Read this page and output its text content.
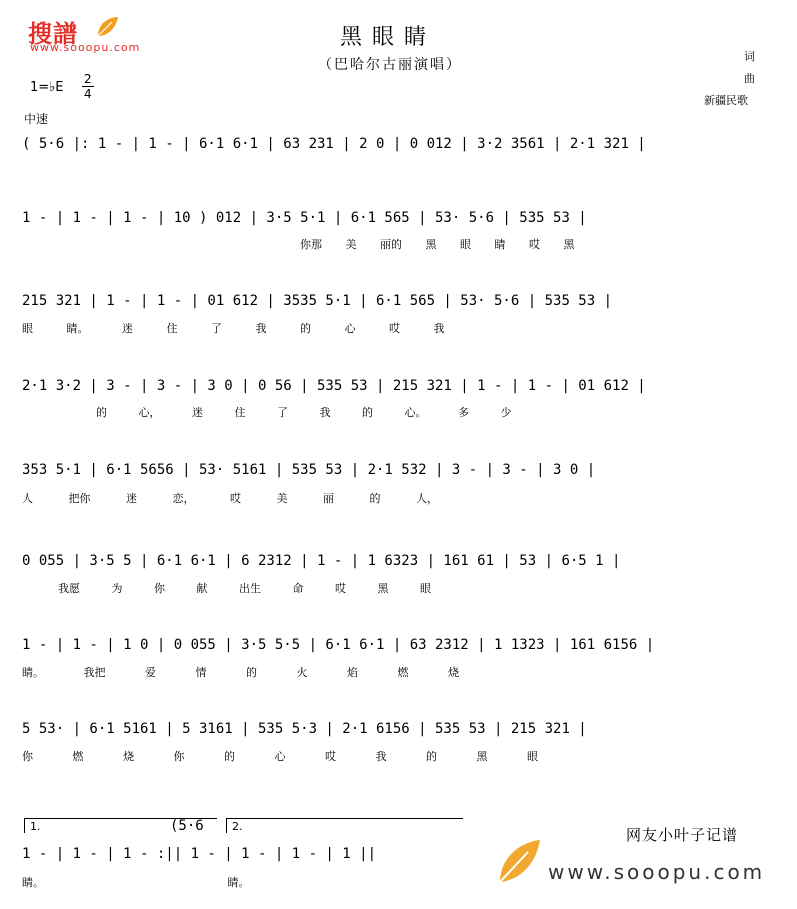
搜譜
www.sooopu.com	黑眼睛
（巴哈尔古丽演唱）
词
曲
新疆民歌
1=♭E
2
4
中速
( 5·6 |: 1 - | 1 - | 6·1 6·1 | 63 231 | 2 0 | 0 012 | 3·2 3561 | 2·1 321 |
1 - | 1 - | 1 - | 10 ) 012 | 3·5 5·1 | 6·1 565 | 53· 5·6 | 535 53 |
你那 美 丽的 黑 眼 睛 哎 黑
215 321 | 1 - | 1 - | 01 612 | 3535 5·1 | 6·1 565 | 53· 5·6 | 535 53 |
眼 睛。 迷 住 了 我 的 心 哎 我
2·1 3·2 | 3 - | 3 - | 3 0 | 0 56 | 535 53 | 215 321 | 1 - | 1 - | 01 612 |
的 心， 迷 住 了 我 的 心。 多 少
353 5·1 | 6·1 5656 | 53· 5161 | 535 53 | 2·1 532 | 3 - | 3 - | 3 0 |
人 把你 迷 恋， 哎 美 丽 的 人，
0 055 | 3·5 5 | 6·1 6·1 | 6 2312 | 1 - | 1 6323 | 161 61 | 53 | 6·5 1 |
我愿 为 你 献 出生 命 哎 黑 眼
1 - | 1 - | 1 0 | 0 055 | 3·5 5·5 | 6·1 6·1 | 63 2312 | 1 1323 | 161 6156 |
睛。 我把 爱 情 的 火 焰 燃 烧
5 53· | 6·1 5161 | 5 3161 | 535 5·3 | 2·1 6156 | 535 53 | 215 321 |
你 燃 烧 你 的 心 哎 我 的 黑 眼
1.	(5·6	2.
1 - | 1 - | 1 - :|| 1 - | 1 - | 1 - | 1 ||
睛。 睛。
网友小叶子记谱
www.sooopu.com
